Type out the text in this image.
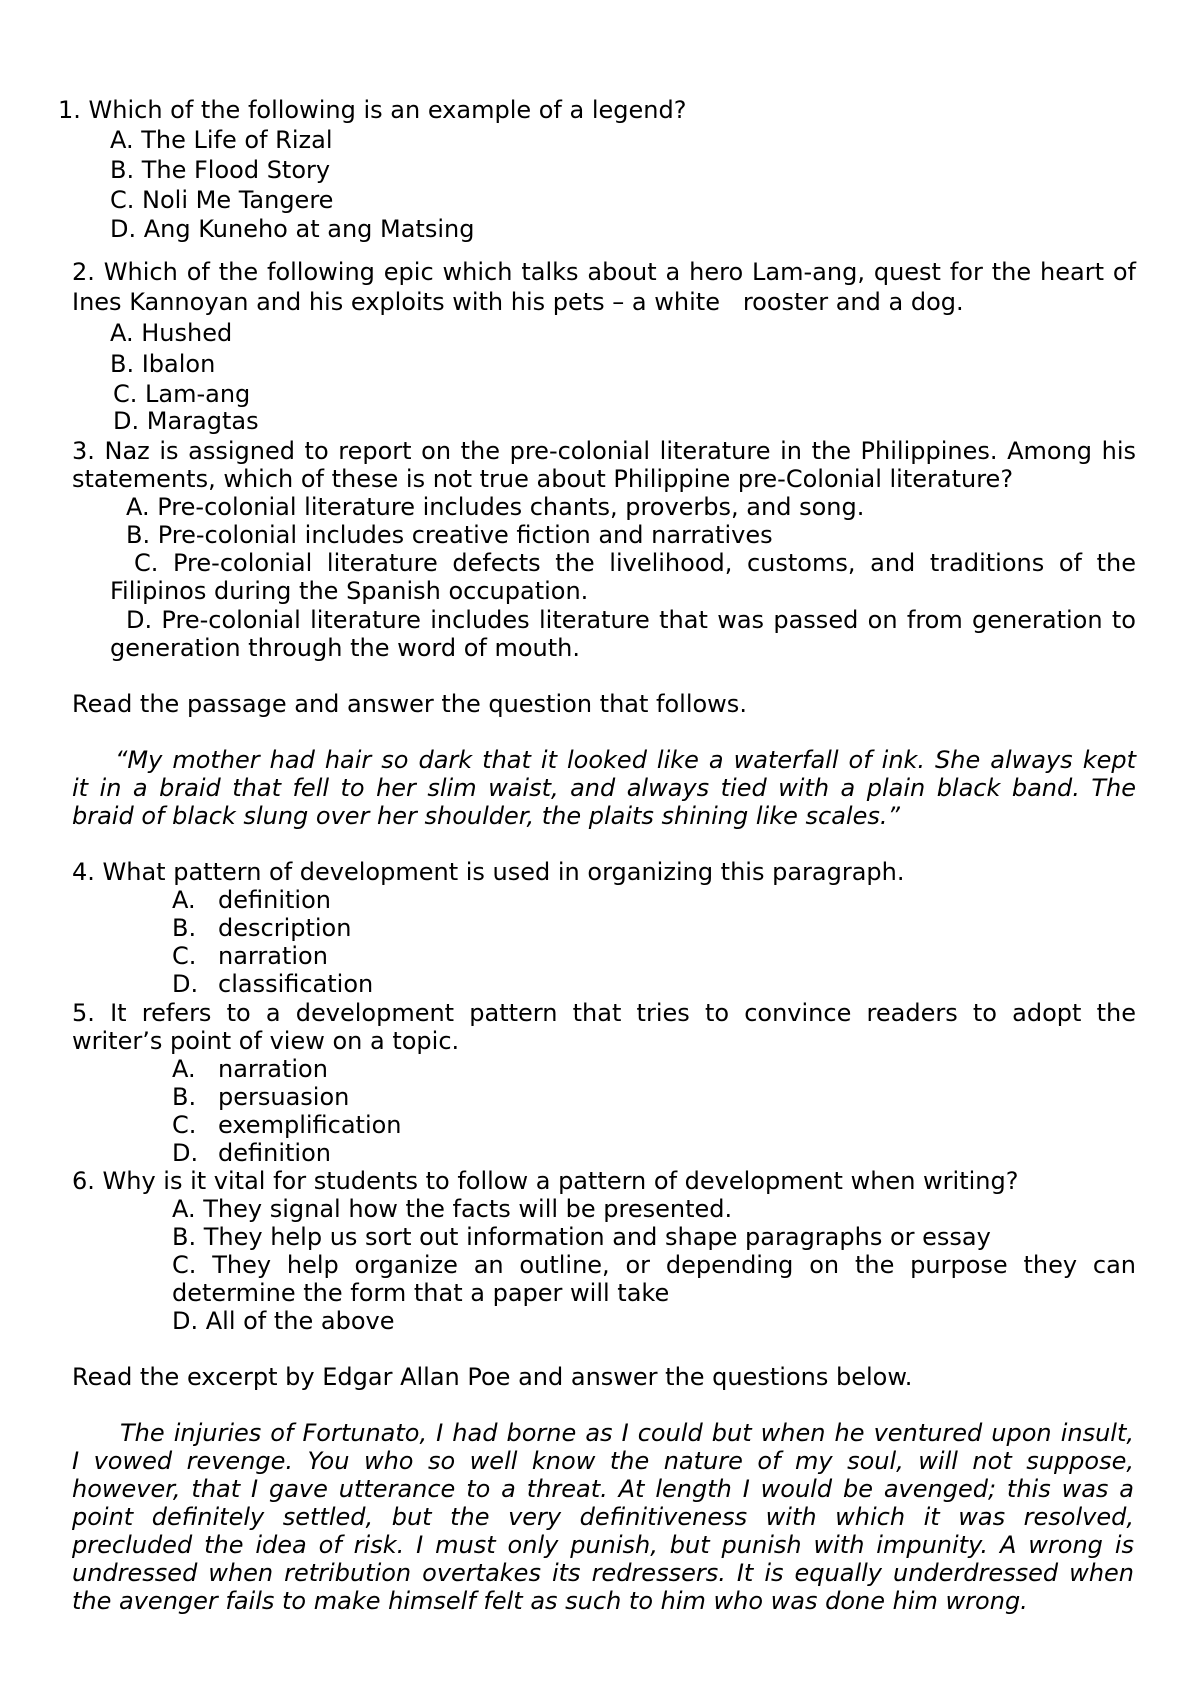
1. Which of the following is an example of a legend?
A. The Life of Rizal
B. The Flood Story
C. Noli Me Tangere
D. Ang Kuneho at ang Matsing
2. Which of the following epic which talks about a hero Lam-ang, quest for the heart of
Ines Kannoyan and his exploits with his pets – a white   rooster and a dog.
A. Hushed
B. Ibalon
C. Lam-ang
D. Maragtas
3. Naz is assigned to report on the pre-colonial literature in the Philippines. Among his
statements, which of these is not true about Philippine pre-Colonial literature?
A. Pre-colonial literature includes chants, proverbs, and song.
B. Pre-colonial includes creative fiction and narratives
C. Pre-colonial literature defects the livelihood, customs, and traditions of the
Filipinos during the Spanish occupation.
D. Pre-colonial literature includes literature that was passed on from generation to
generation through the word of mouth.
Read the passage and answer the question that follows.
“My mother had hair so dark that it looked like a waterfall of ink. She always kept
it in a braid that fell to her slim waist, and always tied with a plain black band. The
braid of black slung over her shoulder, the plaits shining like scales.”
4. What pattern of development is used in organizing this paragraph.
A. definition
B. description
C. narration
D. classification
5. It refers to a development pattern that tries to convince readers to adopt the
writer’s point of view on a topic.
A. narration
B. persuasion
C. exemplification
D. definition
6. Why is it vital for students to follow a pattern of development when writing?
A. They signal how the facts will be presented.
B. They help us sort out information and shape paragraphs or essay
C. They help organize an outline, or depending on the purpose they can
determine the form that a paper will take
D. All of the above
Read the excerpt by Edgar Allan Poe and answer the questions below.
The injuries of Fortunato, I had borne as I could but when he ventured upon insult,
I vowed revenge. You who so well know the nature of my soul, will not suppose,
however, that I gave utterance to a threat. At length I would be avenged; this was a
point definitely settled, but the very definitiveness with which it was resolved,
precluded the idea of risk. I must only punish, but punish with impunity. A wrong is
undressed when retribution overtakes its redressers. It is equally underdressed when
the avenger fails to make himself felt as such to him who was done him wrong.
